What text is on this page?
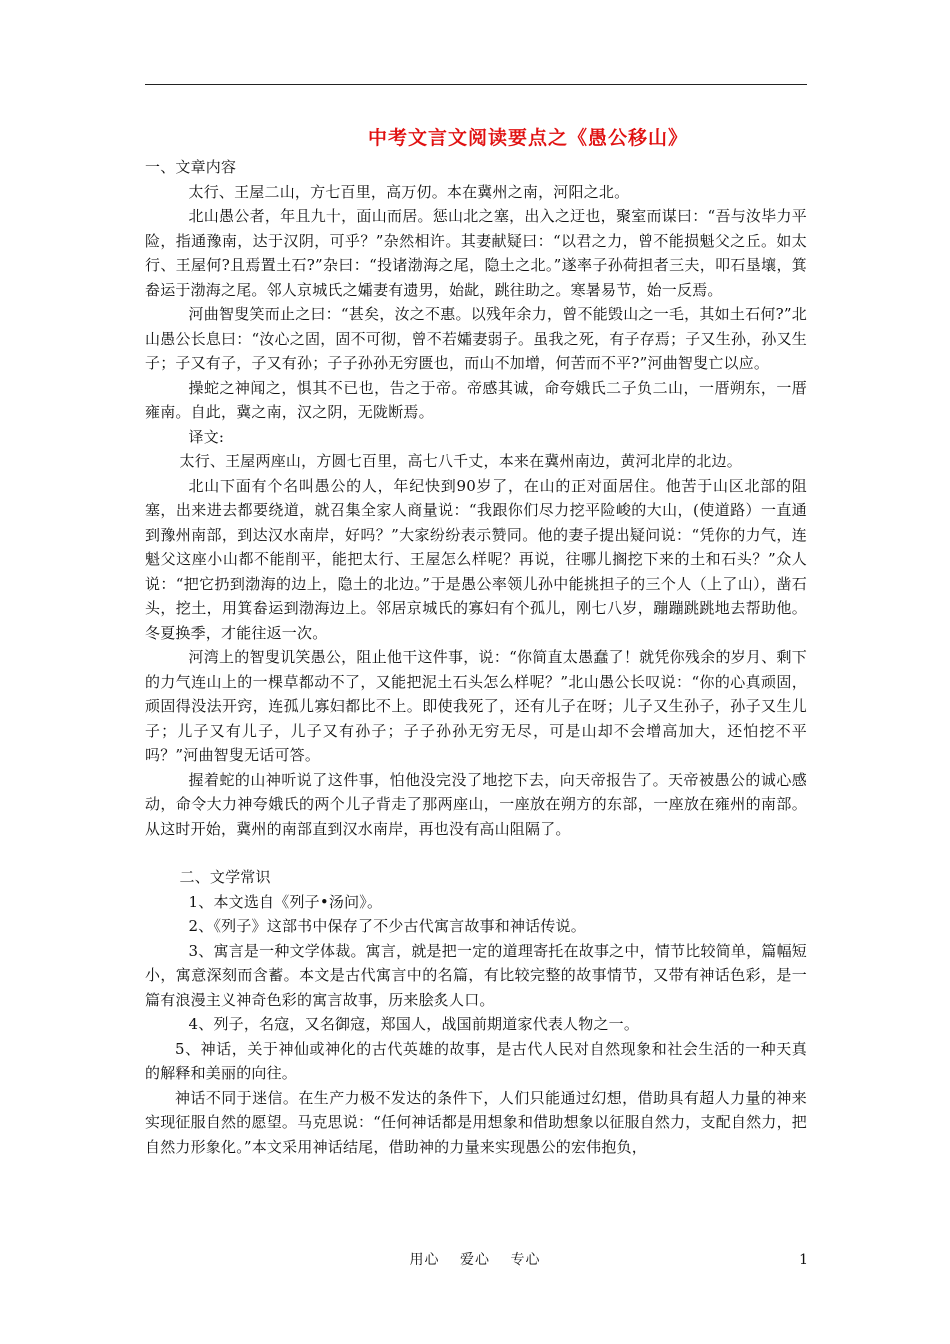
中考文言文阅读要点之《愚公移山》

一、文章内容

太行、王屋二山，方七百里，高万仞。本在冀州之南，河阳之北。

北山愚公者，年且九十，面山而居。惩山北之塞，出入之迂也，聚室而谋曰：“吾与汝毕力平险，指通豫南，达于汉阴，可乎？”杂然相许。其妻献疑曰：“以君之力，曾不能损魁父之丘。如太行、王屋何?且焉置土石?”杂曰：“投诸渤海之尾，隐土之北。”遂率子孙荷担者三夫，叩石垦壤，箕畚运于渤海之尾。邻人京城氏之孀妻有遗男，始龀，跳往助之。寒暑易节，始一反焉。

河曲智叟笑而止之曰：“甚矣，汝之不惠。以残年余力，曾不能毁山之一毛，其如土石何?”北山愚公长息曰：“汝心之固，固不可彻，曾不若孀妻弱子。虽我之死，有子存焉；子又生孙，孙又生子；子又有子，子又有孙；子子孙孙无穷匮也，而山不加增，何苦而不平?”河曲智叟亡以应。

操蛇之神闻之，惧其不已也，告之于帝。帝感其诚，命夸娥氏二子负二山，一厝朔东，一厝雍南。自此，冀之南，汉之阴，无陇断焉。

译文:

太行、王屋两座山，方圆七百里，高七八千丈，本来在冀州南边，黄河北岸的北边。

北山下面有个名叫愚公的人，年纪快到90岁了，在山的正对面居住。他苦于山区北部的阻塞，出来进去都要绕道，就召集全家人商量说：“我跟你们尽力挖平险峻的大山，(使道路）一直通到豫州南部，到达汉水南岸，好吗？”大家纷纷表示赞同。他的妻子提出疑问说：“凭你的力气，连魁父这座小山都不能削平，能把太行、王屋怎么样呢？再说，往哪儿搁挖下来的土和石头？”众人说：“把它扔到渤海的边上，隐土的北边。”于是愚公率领儿孙中能挑担子的三个人（上了山），凿石头，挖土，用箕畚运到渤海边上。邻居京城氏的寡妇有个孤儿，刚七八岁，蹦蹦跳跳地去帮助他。冬夏换季，才能往返一次。

河湾上的智叟讥笑愚公，阻止他干这件事，说：“你简直太愚蠢了！就凭你残余的岁月、剩下的力气连山上的一棵草都动不了，又能把泥土石头怎么样呢？”北山愚公长叹说：“你的心真顽固，顽固得没法开窍，连孤儿寡妇都比不上。即使我死了，还有儿子在呀；儿子又生孙子，孙子又生儿子；儿子又有儿子，儿子又有孙子；子子孙孙无穷无尽，可是山却不会增高加大，还怕挖不平吗？”河曲智叟无话可答。

握着蛇的山神听说了这件事，怕他没完没了地挖下去，向天帝报告了。天帝被愚公的诚心感动，命令大力神夸娥氏的两个儿子背走了那两座山，一座放在朔方的东部，一座放在雍州的南部。从这时开始，冀州的南部直到汉水南岸，再也没有高山阻隔了。

二、文学常识

1、本文选自《列子•汤问》。

2、《列子》这部书中保存了不少古代寓言故事和神话传说。

3、寓言是一种文学体裁。寓言，就是把一定的道理寄托在故事之中，情节比较简单，篇幅短小，寓意深刻而含蓄。本文是古代寓言中的名篇，有比较完整的故事情节，又带有神话色彩，是一篇有浪漫主义神奇色彩的寓言故事，历来脍炙人口。

4、列子，名寇，又名御寇，郑国人，战国前期道家代表人物之一。

5、神话，关于神仙或神化的古代英雄的故事，是古代人民对自然现象和社会生活的一种天真的解释和美丽的向往。

神话不同于迷信。在生产力极不发达的条件下，人们只能通过幻想，借助具有超人力量的神来实现征服自然的愿望。马克思说：“任何神话都是用想象和借助想象以征服自然力，支配自然力，把自然力形象化。”本文采用神话结尾，借助神的力量来实现愚公的宏伟抱负，

用心　 爱心　 专心	1
